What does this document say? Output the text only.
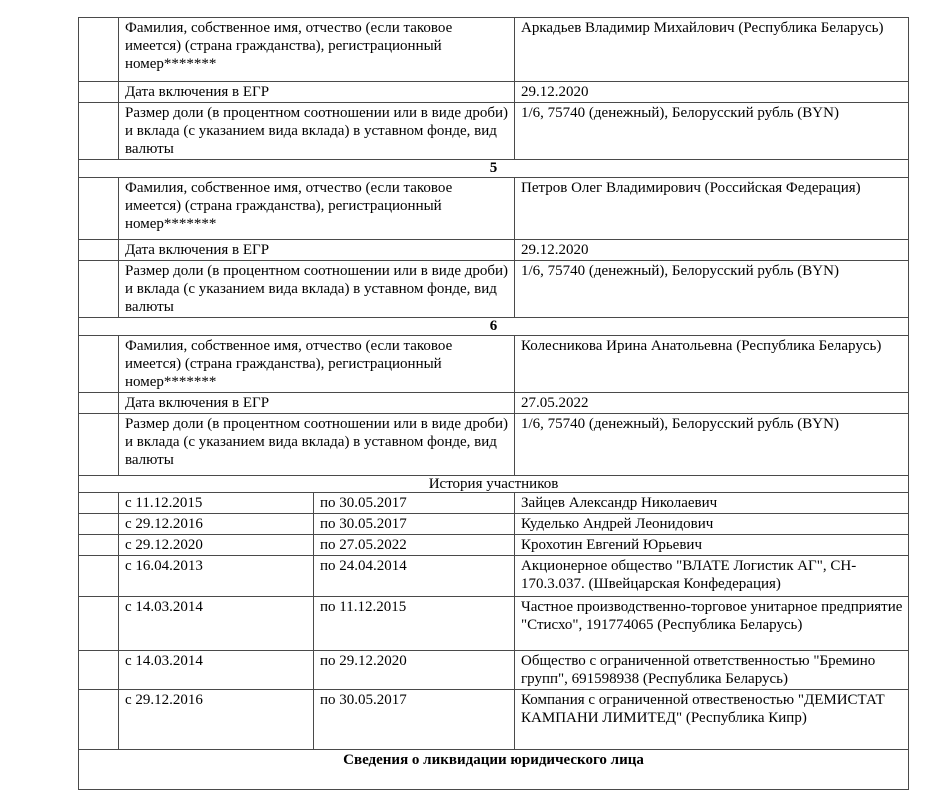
	Фамилия, собственное имя, отчество (если таковое имеется) (страна гражданства), регистрационный номер*******		Аркадьев Владимир Михайлович (Республика Беларусь)
	Дата включения в ЕГР		29.12.2020
	Размер доли (в процентном соотношении или в виде дроби) и вклада (с указанием вида вклада) в уставном фонде, вид валюты		1/6, 75740 (денежный), Белорусский рубль (BYN)
5			
	Фамилия, собственное имя, отчество (если таковое имеется) (страна гражданства), регистрационный номер*******		Петров Олег Владимирович (Российская Федерация)
	Дата включения в ЕГР		29.12.2020
	Размер доли (в процентном соотношении или в виде дроби) и вклада (с указанием вида вклада) в уставном фонде, вид валюты		1/6, 75740 (денежный), Белорусский рубль (BYN)
6			
	Фамилия, собственное имя, отчество (если таковое имеется) (страна гражданства), регистрационный номер*******		Колесникова Ирина Анатольевна (Республика Беларусь)
	Дата включения в ЕГР		27.05.2022
	Размер доли (в процентном соотношении или в виде дроби) и вклада (с указанием вида вклада) в уставном фонде, вид валюты		1/6, 75740 (денежный), Белорусский рубль (BYN)
История участников			
	с 11.12.2015	по 30.05.2017	Зайцев Александр Николаевич
	с 29.12.2016	по 30.05.2017	Куделько Андрей Леонидович
	с 29.12.2020	по 27.05.2022	Крохотин Евгений Юрьевич
	с 16.04.2013	по 24.04.2014	Акционерное общество "ВЛАТЕ Логистик АГ", CH-170.3.037. (Швейцарская Конфедерация)
	с 14.03.2014	по 11.12.2015	Частное производственно-торговое унитарное предприятие "Стисхо", 191774065 (Республика Беларусь)
	с 14.03.2014	по 29.12.2020	Общество с ограниченной ответственностью "Бремино групп", 691598938 (Республика Беларусь)
	с 29.12.2016	по 30.05.2017	Компания с ограниченной отвественостью "ДЕМИСТАТ КАМПАНИ ЛИМИТЕД" (Республика Кипр)
Сведения о ликвидации юридического лица			
